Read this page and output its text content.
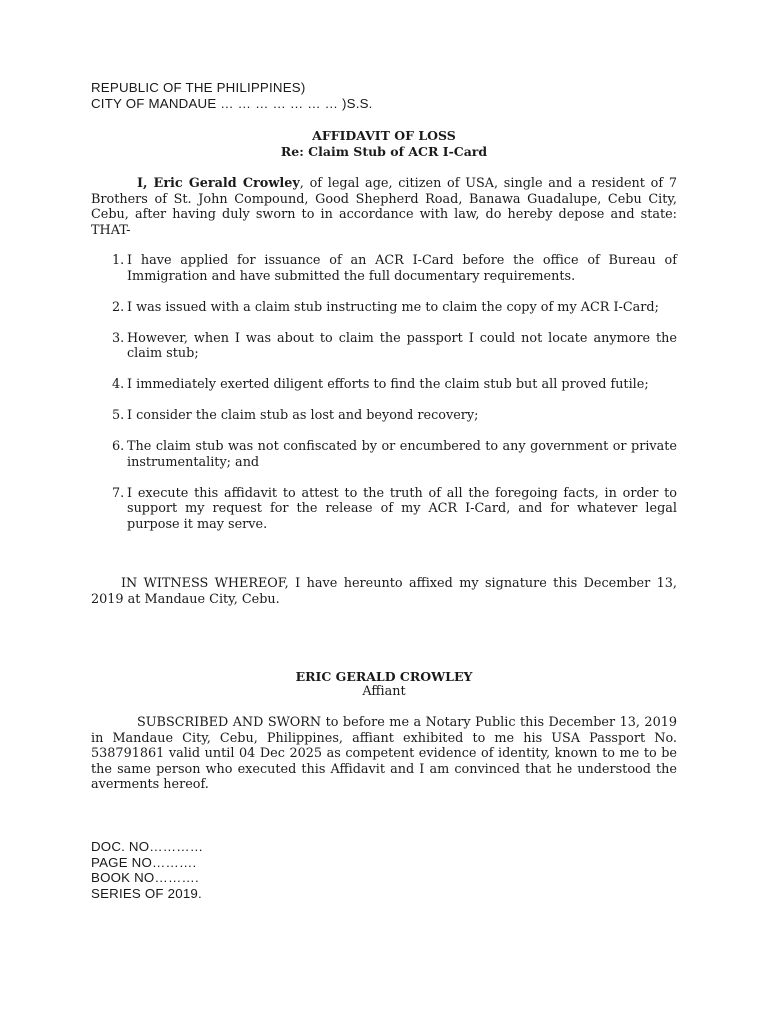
REPUBLIC OF THE PHILIPPINES)
CITY OF MANDAUE … … … … … … … )S.S.
AFFIDAVIT OF LOSS
Re: Claim Stub of ACR I-Card
I, Eric Gerald Crowley, of legal age, citizen of USA, single and a resident of 7 Brothers of St. John Compound, Good Shepherd Road, Banawa Guadalupe, Cebu City, Cebu, after having duly sworn to in accordance with law, do hereby depose and state: THAT-
1. I have applied for issuance of an ACR I-Card before the office of Bureau of Immigration and have submitted the full documentary requirements.
2. I was issued with a claim stub instructing me to claim the copy of my ACR I-Card;
3. However, when I was about to claim the passport I could not locate anymore the claim stub;
4. I immediately exerted diligent efforts to find the claim stub but all proved futile;
5. I consider the claim stub as lost and beyond recovery;
6. The claim stub was not confiscated by or encumbered to any government or private instrumentality; and
7. I execute this affidavit to attest to the truth of all the foregoing facts, in order to support my request for the release of my ACR I-Card, and for whatever legal purpose it may serve.
IN WITNESS WHEREOF, I have hereunto affixed my signature this December 13, 2019 at Mandaue City, Cebu.
ERIC GERALD CROWLEY
Affiant
SUBSCRIBED AND SWORN to before me a Notary Public this December 13, 2019 in Mandaue City, Cebu, Philippines, affiant exhibited to me his USA Passport No. 538791861 valid until 04 Dec 2025 as competent evidence of identity, known to me to be the same person who executed this Affidavit and I am convinced that he understood the averments hereof.
DOC. NO…………
PAGE NO……….
BOOK NO……….
SERIES OF 2019.
